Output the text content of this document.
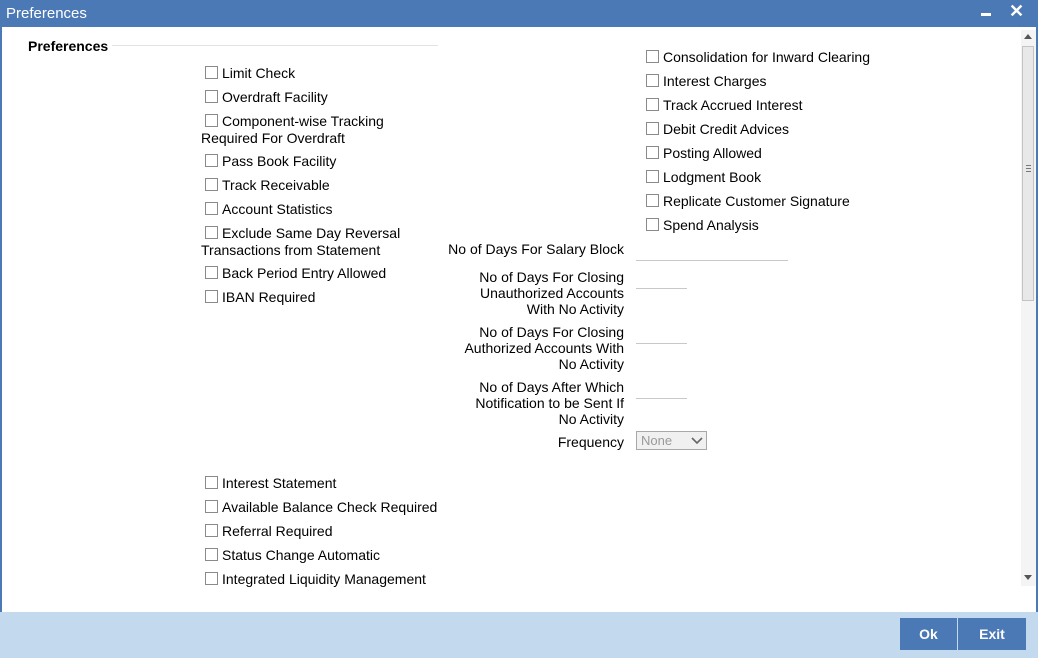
Preferences	✕
Preferences
Limit Check
Overdraft Facility
Component-wise Tracking Required For Overdraft
Pass Book Facility
Track Receivable
Account Statistics
Exclude Same Day Reversal Transactions from Statement
Back Period Entry Allowed
IBAN Required
Interest Statement
Available Balance Check Required
Referral Required
Status Change Automatic
Integrated Liquidity Management
Consolidation for Inward Clearing
Interest Charges
Track Accrued Interest
Debit Credit Advices
Posting Allowed
Lodgment Book
Replicate Customer Signature
Spend Analysis
No of Days For Salary Block
No of Days For Closing Unauthorized Accounts With No Activity
No of Days For Closing Authorized Accounts With No Activity
No of Days After Which Notification to be Sent If No Activity
Frequency None
Ok	Exit
